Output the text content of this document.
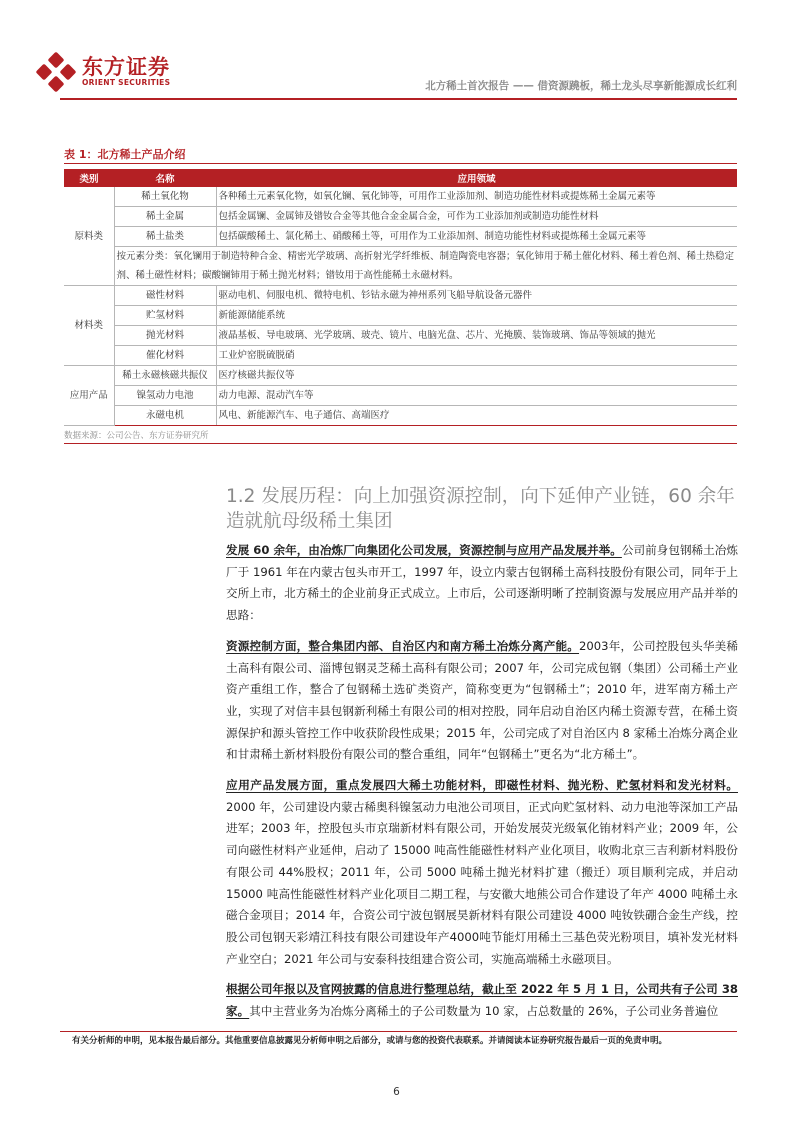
东方证券
ORIENT SECURITIES	北方稀土首次报告 —— 借资源蹺板，稀土龙头尽享新能源成长红利
表 1：北方稀土产品介绍
类别	名称	应用领域
原料类	稀土氧化物	各种稀土元素氧化物，如氧化镧、氧化铈等，可用作工业添加剂、制造功能性材料或提炼稀土金属元素等
	稀土金属	包括金属镧、金属铈及镨钕合金等其他合金金属合金，可作为工业添加剂或制造功能性材料
	稀土盐类	包括碳酸稀土、氯化稀土、硝酸稀土等，可用作为工业添加剂、制造功能性材料或提炼稀土金属元素等
	按元素分类：氧化镧用于制造特种合金、精密光学玻璃、高折射光学纤维板、制造陶瓷电容器；氧化铈用于稀土催化材料、稀土着色剂、稀土热稳定剂、稀土磁性材料；碳酸镧铈用于稀土抛光材料；镨钕用于高性能稀土永磁材料。	
材料类	磁性材料	驱动电机、伺服电机、微特电机、钐钴永磁为神州系列飞船导航设备元器件
	贮氢材料	新能源储能系统
	抛光材料	液晶基板、导电玻璃、光学玻璃、玻壳、镜片、电脑光盘、芯片、光掩膜、装饰玻璃、饰品等领域的抛光
	催化材料	工业炉窑脱硫脱硝
应用产品	稀土永磁核磁共振仪	医疗核磁共振仪等
	镍氢动力电池	动力电源、混动汽车等
	永磁电机	风电、新能源汽车、电子通信、高端医疗
数据来源：公司公告、东方证券研究所
1.2 发展历程：向上加强资源控制，向下延伸产业链，60 余年造就航母级稀土集团

发展 60 余年，由冶炼厂向集团化公司发展，资源控制与应用产品发展并举。公司前身包钢稀土冶炼厂于 1961 年在内蒙古包头市开工，1997 年，设立内蒙古包钢稀土高科技股份有限公司，同年于上交所上市，北方稀土的企业前身正式成立。上市后，公司逐渐明晰了控制资源与发展应用产品并举的思路：

资源控制方面，整合集团内部、自治区内和南方稀土冶炼分离产能。2003年，公司控股包头华美稀土高科有限公司、淄博包钢灵芝稀土高科有限公司；2007 年，公司完成包钢（集团）公司稀土产业资产重组工作，整合了包钢稀土选矿类资产，简称变更为“包钢稀土”；2010 年，进军南方稀土产业，实现了对信丰县包钢新利稀土有限公司的相对控股，同年启动自治区内稀土资源专营，在稀土资源保护和源头管控工作中收获阶段性成果；2015 年，公司完成了对自治区内 8 家稀土冶炼分离企业和甘肃稀土新材料股份有限公司的整合重组，同年“包钢稀土”更名为“北方稀土”。

应用产品发展方面，重点发展四大稀土功能材料，即磁性材料、抛光粉、贮氢材料和发光材料。2000 年，公司建设内蒙古稀奥科镍氢动力电池公司项目，正式向贮氢材料、动力电池等深加工产品进军；2003 年，控股包头市京瑞新材料有限公司，开始发展荧光级氧化铕材料产业；2009 年，公司向磁性材料产业延伸，启动了 15000 吨高性能磁性材料产业化项目，收购北京三吉利新材料股份有限公司 44%股权；2011 年，公司 5000 吨稀土抛光材料扩建（搬迁）项目顺利完成，并启动 15000 吨高性能磁性材料产业化项目二期工程，与安徽大地熊公司合作建设了年产 4000 吨稀土永磁合金项目；2014 年，合资公司宁波包钢展昊新材料有限公司建设 4000 吨钕铁硼合金生产线，控股公司包钢天彩靖江科技有限公司建设年产4000吨节能灯用稀土三基色荧光粉项目，填补发光材料产业空白；2021 年公司与安泰科技组建合资公司，实施高端稀土永磁项目。

根据公司年报以及官网披露的信息进行整理总结，截止至 2022 年 5 月 1 日，公司共有子公司 38 家。其中主营业务为冶炼分离稀土的子公司数量为 10 家，占总数量的 26%，子公司业务普遍位

有关分析师的申明，见本报告最后部分。其他重要信息披露见分析师申明之后部分，或请与您的投资代表联系。并请阅读本证券研究报告最后一页的免责申明。
6
